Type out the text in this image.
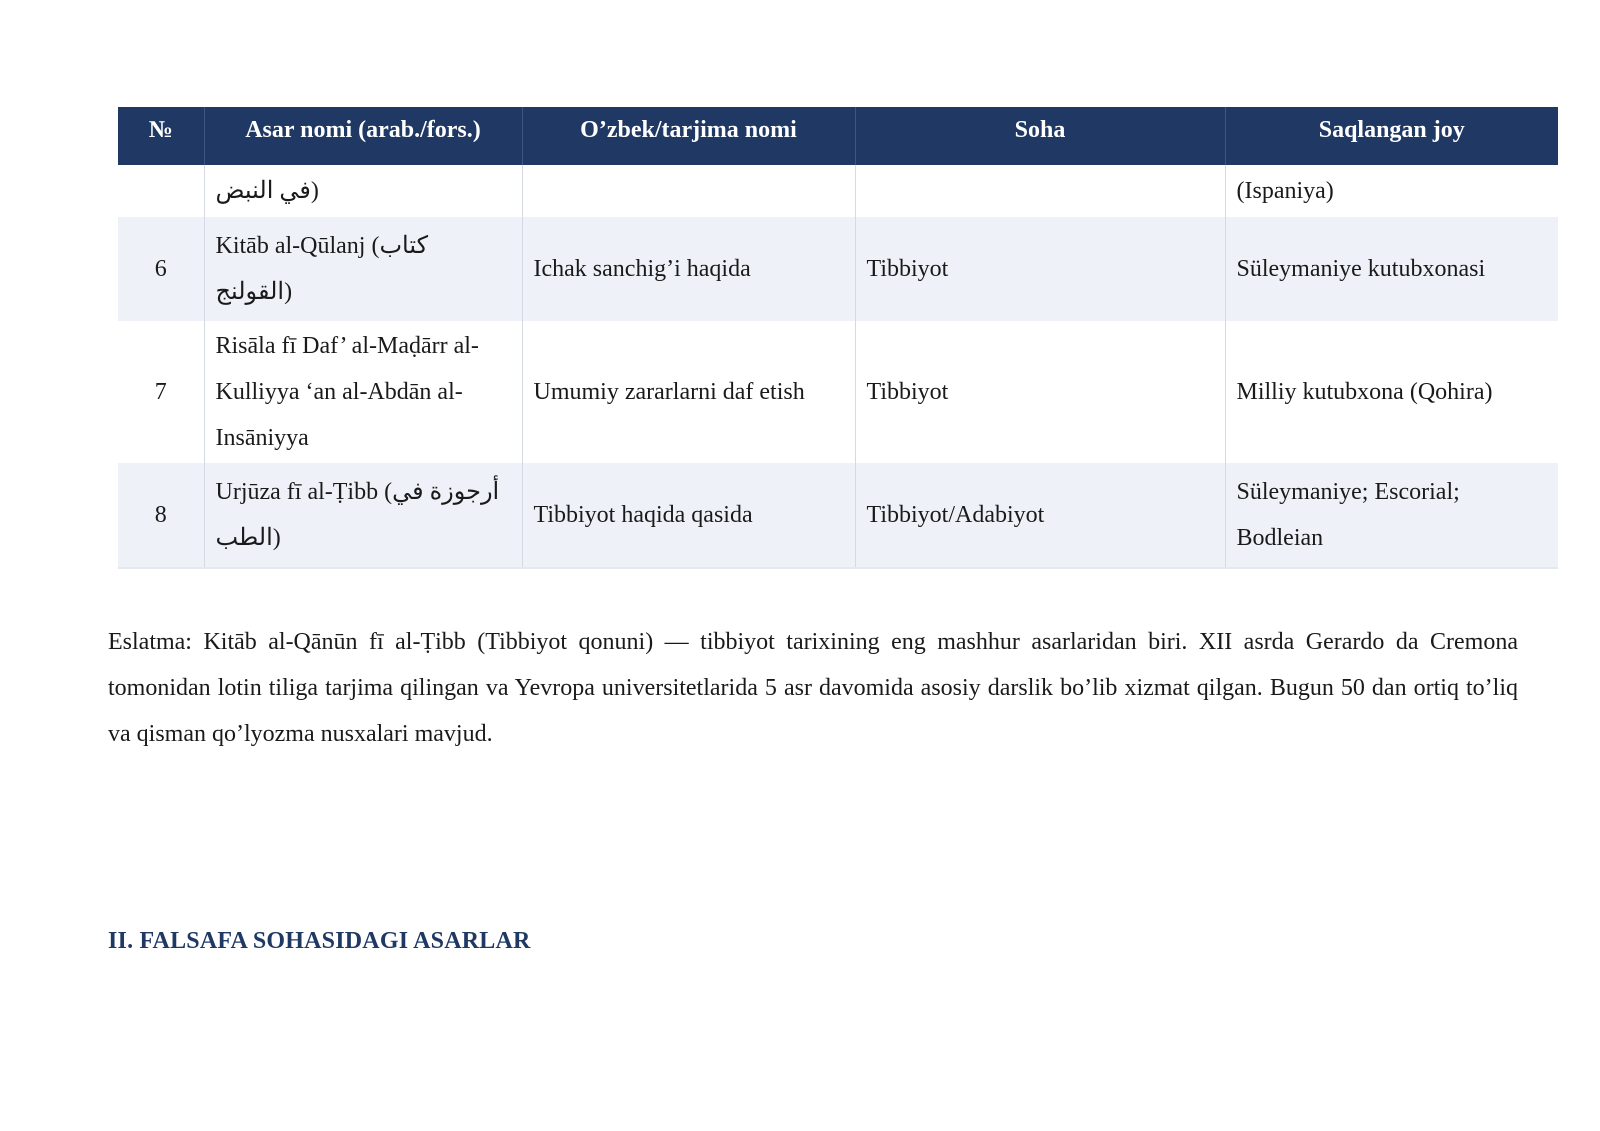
№	Asar nomi (arab./fors.)	O’zbek/tarjima nomi	Soha	Saqlangan joy
	في النبض)			(Ispaniya)
6	Kitāb al-Qūlanj (كتاب القولنج)	Ichak sanchig’i haqida	Tibbiyot	Süleymaniye kutubxonasi
7	Risāla fī Daf’ al-Maḍārr al-Kulliyya ‘an al-Abdān al-Insāniyya	Umumiy zararlarni daf etish	Tibbiyot	Milliy kutubxona (Qohira)
8	Urjūza fī al-Ṭibb (أرجوزة في الطب)	Tibbiyot haqida qasida	Tibbiyot/Adabiyot	Süleymaniye; Escorial; Bodleian

Eslatma: Kitāb al-Qānūn fī al-Ṭibb (Tibbiyot qonuni) — tibbiyot tarixining eng mashhur asarlaridan biri. XII asrda Gerardo da Cremona tomonidan lotin tiliga tarjima qilingan va Yevropa universitetlarida 5 asr davomida asosiy darslik bo’lib xizmat qilgan. Bugun 50 dan ortiq to’liq va qisman qo’lyozma nusxalari mavjud.

II. FALSAFA SOHASIDAGI ASARLAR
